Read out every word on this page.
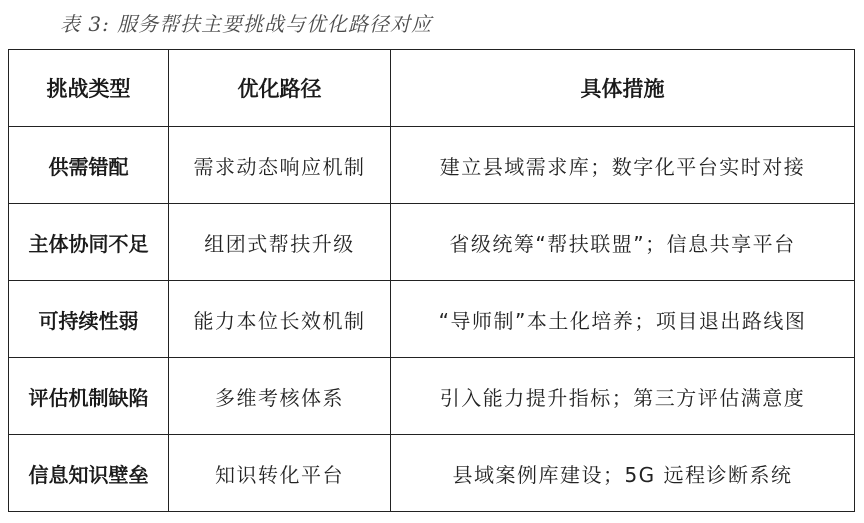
表 3: 服务帮扶主要挑战与优化路径对应
挑战类型	优化路径	具体措施
供需错配	需求动态响应机制	建立县域需求库；数字化平台实时对接
主体协同不足	组团式帮扶升级	省级统筹“帮扶联盟”；信息共享平台
可持续性弱	能力本位长效机制	“导师制”本土化培养；项目退出路线图
评估机制缺陷	多维考核体系	引入能力提升指标；第三方评估满意度
信息知识壁垒	知识转化平台	县域案例库建设；5G 远程诊断系统
